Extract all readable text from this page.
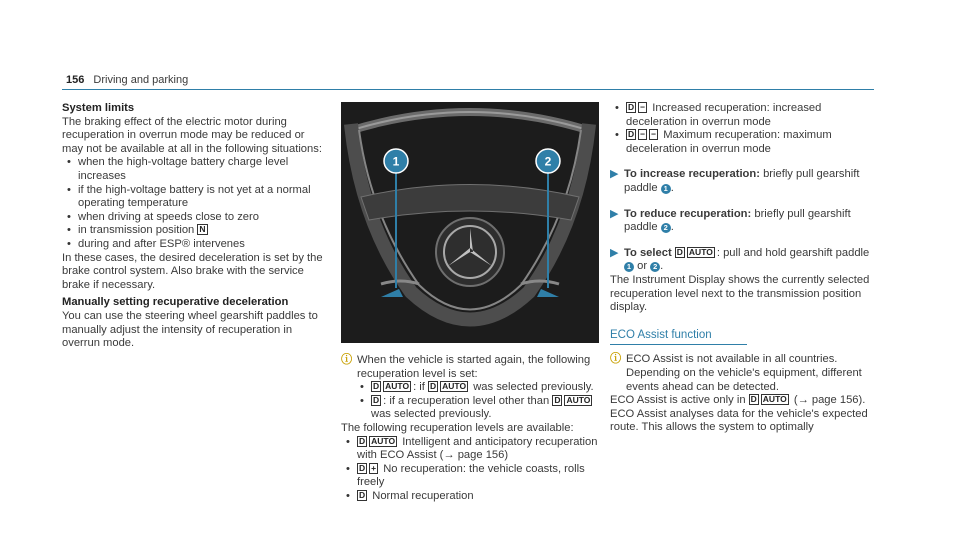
156 Driving and parking

System limits

The braking effect of the electric motor during recuperation in overrun mode may be reduced or may not be available at all in the following situations:

• when the high-voltage battery charge level increases
• if the high-voltage battery is not yet at a normal operating temperature
• when driving at speeds close to zero
• in transmission position N
• during and after ESP® intervenes

In these cases, the desired deceleration is set by the brake control system. Also brake with the service brake if necessary.

Manually setting recuperative deceleration

You can use the steering wheel gearshift paddles to manually adjust the intensity of recuperation in overrun mode.

1	2

ⓘ When the vehicle is started again, the following recuperation level is set:

• D AUTO : if D AUTO was selected previously.
• D : if a recuperation level other than D AUTO was selected previously.

The following recuperation levels are available:

• D AUTO Intelligent and anticipatory recuperation with ECO Assist (→ page 156)
• D + No recuperation: the vehicle coasts, rolls freely
• D Normal recuperation
• D − Increased recuperation: increased deceleration in overrun mode
• D − − Maximum recuperation: maximum deceleration in overrun mode

▶ To increase recuperation: briefly pull gearshift paddle 1 .

▶ To reduce recuperation: briefly pull gearshift paddle 2 .

▶ To select D AUTO : pull and hold gearshift paddle 1 or 2 .

The Instrument Display shows the currently selected recuperation level next to the transmission position display.

ECO Assist function

ⓘ ECO Assist is not available in all countries. Depending on the vehicle's equipment, different events ahead can be detected.

ECO Assist is active only in D AUTO (→ page 156).

ECO Assist analyses data for the vehicle's expected route. This allows the system to optimally
